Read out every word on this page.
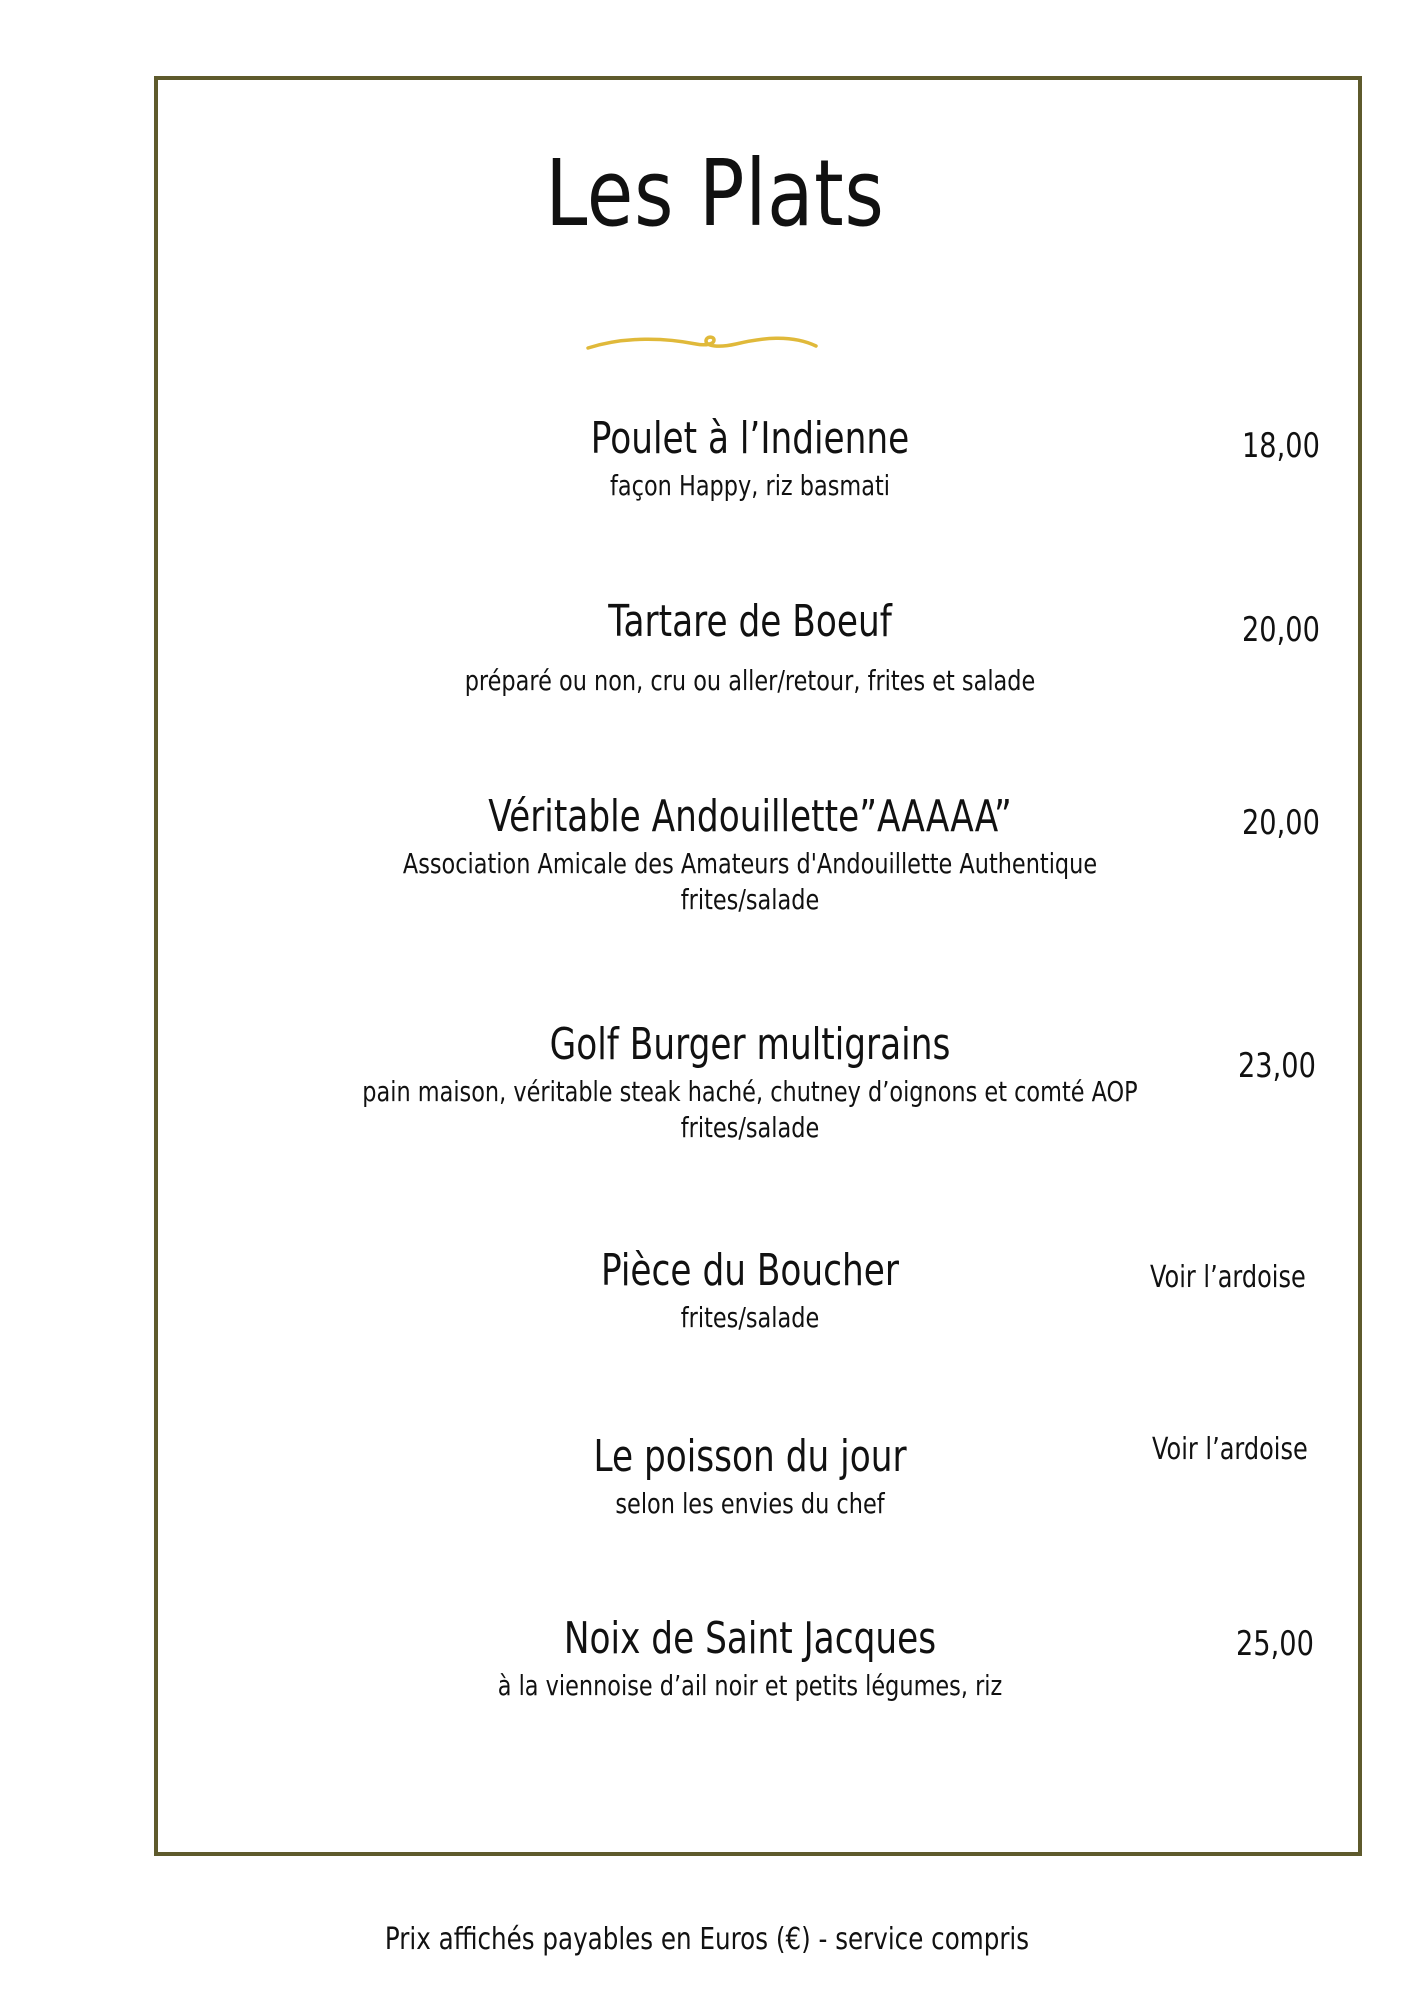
Les Plats
Poulet à l’Indienne
façon Happy, riz basmati
18,00
Tartare de Boeuf
préparé ou non, cru ou aller/retour, frites et salade
20,00
Véritable Andouillette”AAAAA”
Association Amicale des Amateurs d'Andouillette Authentique
frites/salade
20,00
Golf Burger multigrains
pain maison, véritable steak haché, chutney d’oignons et comté AOP
frites/salade
23,00
Pièce du Boucher
frites/salade
Voir l’ardoise
Le poisson du jour
selon les envies du chef
Voir l’ardoise
Noix de Saint Jacques
à la viennoise d’ail noir et petits légumes, riz
25,00
Prix affichés payables en Euros (€) - service compris
